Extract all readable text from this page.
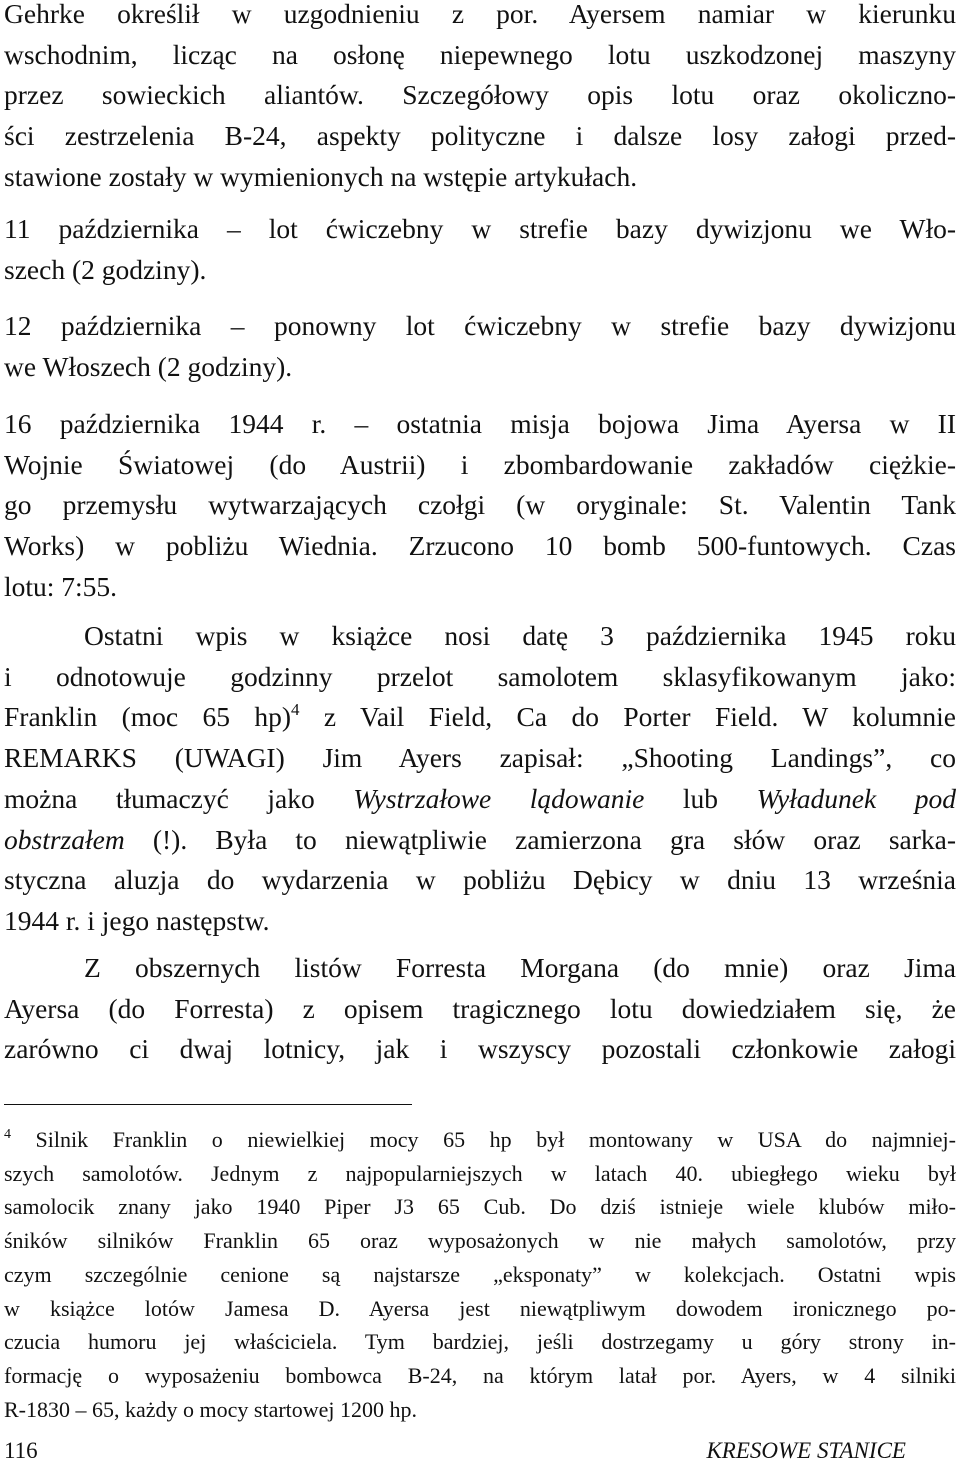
Gehrke określił w uzgodnieniu z por. Ayersem namiar w kierunku
wschodnim, licząc na osłonę niepewnego lotu uszkodzonej maszyny
przez sowieckich aliantów. Szczegółowy opis lotu oraz okoliczno-
ści zestrzelenia B-24, aspekty polityczne i dalsze losy załogi przed-
stawione zostały w wymienionych na wstępie artykułach.
11 października – lot ćwiczebny w strefie bazy dywizjonu we Wło-
szech (2 godziny).
12 października – ponowny lot ćwiczebny w strefie bazy dywizjonu
we Włoszech (2 godziny).
16 października 1944 r. – ostatnia misja bojowa Jima Ayersa w II
Wojnie Światowej (do Austrii) i zbombardowanie zakładów ciężkie-
go przemysłu wytwarzających czołgi (w oryginale: St. Valentin Tank
Works) w pobliżu Wiednia. Zrzucono 10 bomb 500-funtowych. Czas
lotu: 7:55.
Ostatni wpis w książce nosi datę 3 października 1945 roku
i odnotowuje godzinny przelot samolotem sklasyfikowanym jako:
Franklin (moc 65 hp)$^4$ z Vail Field, Ca do Porter Field. W kolumnie
REMARKS (UWAGI) Jim Ayers zapisał: „Shooting Landings”, co
można tłumaczyć jako Wystrzałowe lądowanie lub Wyładunek pod
obstrzałem (!). Była to niewątpliwie zamierzona gra słów oraz sarka-
styczna aluzja do wydarzenia w pobliżu Dębicy w dniu 13 września
1944 r. i jego następstw.
Z obszernych listów Forresta Morgana (do mnie) oraz Jima
Ayersa (do Forresta) z opisem tragicznego lotu dowiedziałem się, że
zarówno ci dwaj lotnicy, jak i wszyscy pozostali członkowie załogi
$^4$ Silnik Franklin o niewielkiej mocy 65 hp był montowany w USA do najmniej-
szych samolotów. Jednym z najpopularniejszych w latach 40. ubiegłego wieku był
samolocik znany jako 1940 Piper J3 65 Cub. Do dziś istnieje wiele klubów miło-
śników silników Franklin 65 oraz wyposażonych w nie małych samolotów, przy
czym szczególnie cenione są najstarsze „eksponaty” w kolekcjach. Ostatni wpis
w książce lotów Jamesa D. Ayersa jest niewątpliwym dowodem ironicznego po-
czucia humoru jej właściciela. Tym bardziej, jeśli dostrzegamy u góry strony in-
formację o wyposażeniu bombowca B-24, na którym latał por. Ayers, w 4 silniki
R-1830 – 65, każdy o mocy startowej 1200 hp.
116	KRESOWE STANICE
